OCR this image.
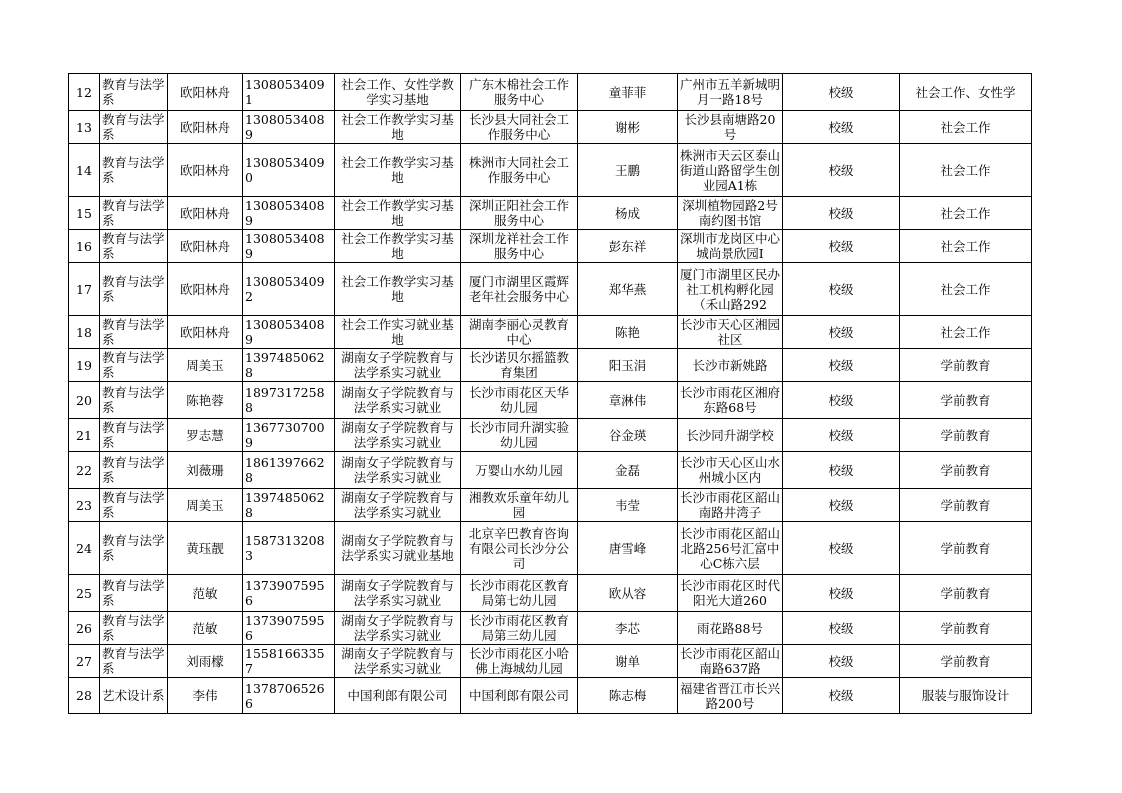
12	教育与法学系	欧阳林舟	13080534091	社会工作、女性学教学实习基地	广东木棉社会工作服务中心	童菲菲	广州市五羊新城明月一路18号	校级	社会工作、女性学

13	教育与法学系	欧阳林舟	13080534089	社会工作教学实习基地	长沙县大同社会工作服务中心	谢彬	长沙县南塘路20号	校级	社会工作

14	教育与法学系	欧阳林舟	13080534090	社会工作教学实习基地	株洲市大同社会工作服务中心	王鹏	株洲市天云区泰山街道山路留学生创业园A1栋	校级	社会工作

15	教育与法学系	欧阳林舟	13080534089	社会工作教学实习基地	深圳正阳社会工作服务中心	杨成	深圳植物园路2号南约图书馆	校级	社会工作

16	教育与法学系	欧阳林舟	13080534089	社会工作教学实习基地	深圳龙祥社会工作服务中心	彭东祥	深圳市龙岗区中心城尚景欣园I	校级	社会工作

17	教育与法学系	欧阳林舟	13080534092	社会工作教学实习基地	厦门市湖里区霞辉老年社会服务中心	郑华燕	厦门市湖里区民办社工机构孵化园（禾山路292	校级	社会工作

18	教育与法学系	欧阳林舟	13080534089	社会工作实习就业基地	湖南李丽心灵教育中心	陈艳	长沙市天心区湘园社区	校级	社会工作

19	教育与法学系	周美玉	13974850628	湖南女子学院教育与法学系实习就业	长沙诺贝尔摇篮教育集团	阳玉涓	长沙市新姚路	校级	学前教育

20	教育与法学系	陈艳蓉	18973172588	湖南女子学院教育与法学系实习就业	长沙市雨花区天华幼儿园	章淋伟	长沙市雨花区湘府东路68号	校级	学前教育

21	教育与法学系	罗志慧	13677307009	湖南女子学院教育与法学系实习就业	长沙市同升湖实验幼儿园	谷金瑛	长沙同升湖学校	校级	学前教育

22	教育与法学系	刘薇珊	18613976628	湖南女子学院教育与法学系实习就业	万婴山水幼儿园	金磊	长沙市天心区山水州城小区内	校级	学前教育

23	教育与法学系	周美玉	13974850628	湖南女子学院教育与法学系实习就业	湘教欢乐童年幼儿园	韦莹	长沙市雨花区韶山南路井湾子	校级	学前教育

24	教育与法学系	黄珏靓	15873132083	湖南女子学院教育与法学系实习就业基地	北京辛巴教育咨询有限公司长沙分公司	唐雪峰	长沙市雨花区韶山北路256号汇富中心C栋六层	校级	学前教育

25	教育与法学系	范敏	13739075956	湖南女子学院教育与法学系实习就业	长沙市雨花区教育局第七幼儿园	欧从容	长沙市雨花区时代阳光大道260	校级	学前教育

26	教育与法学系	范敏	13739075956	湖南女子学院教育与法学系实习就业	长沙市雨花区教育局第三幼儿园	李芯	雨花路88号	校级	学前教育

27	教育与法学系	刘雨檬	15581663357	湖南女子学院教育与法学系实习就业	长沙市雨花区小哈佛上海城幼儿园	谢单	长沙市雨花区韶山南路637路	校级	学前教育

28	艺术设计系	李伟	13787065266	中国利郎有限公司	中国利郎有限公司	陈志梅	福建省晋江市长兴路200号	校级	服装与服饰设计
